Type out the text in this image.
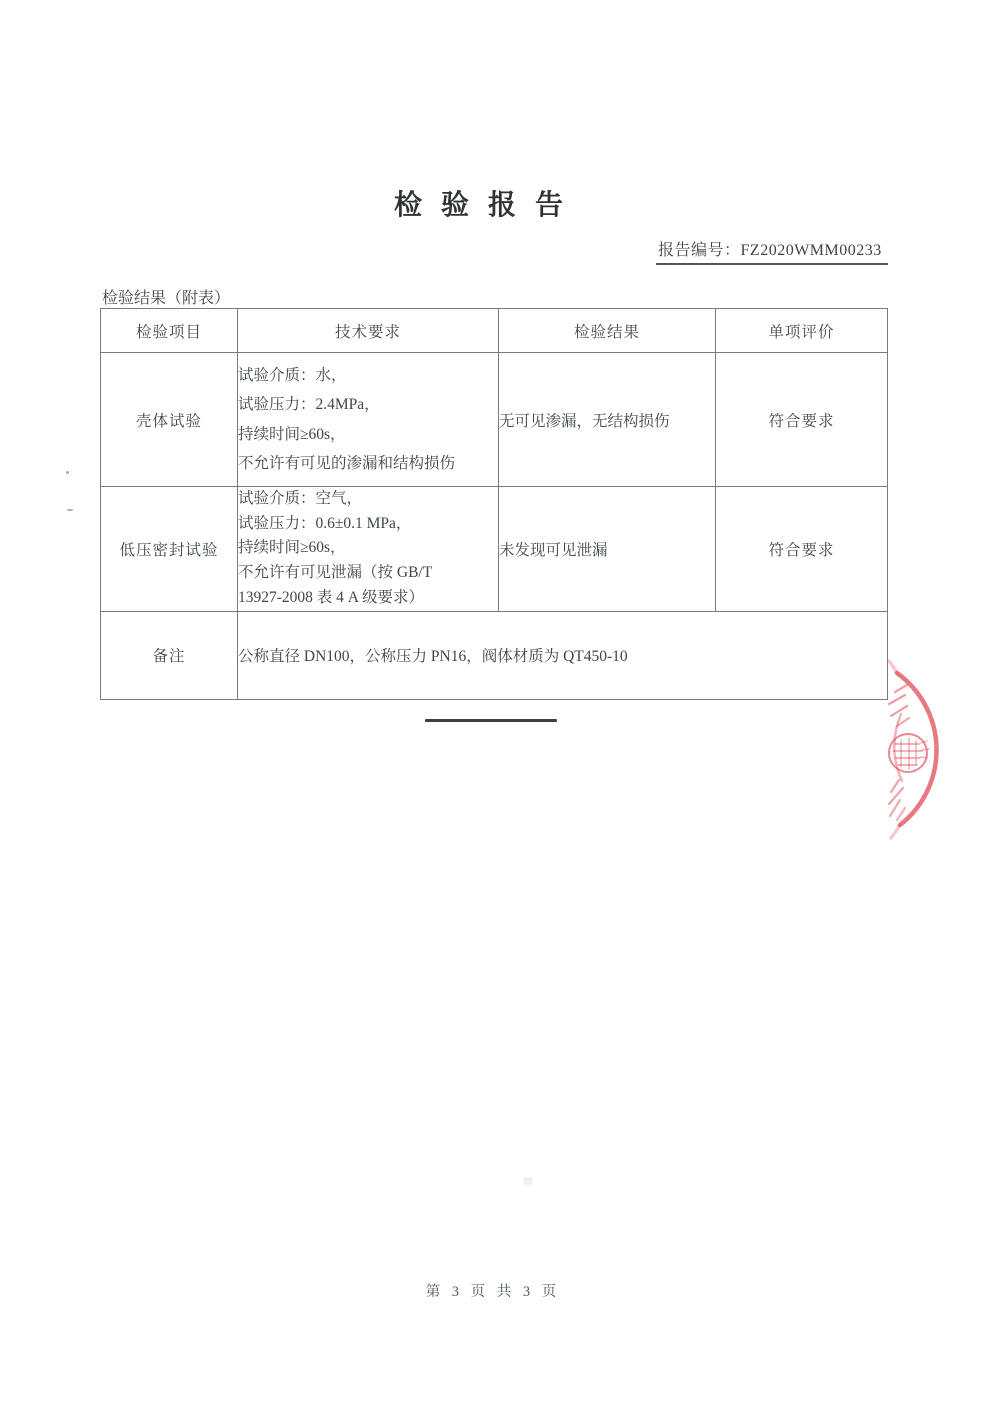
检 验 报 告
报告编号：FZ2020WMM00233
检验结果（附表）
检验项目	技术要求	检验结果	单项评价
壳体试验	试验介质：水，
试验压力：2.4MPa，
持续时间≥60s，
不允许有可见的渗漏和结构损伤	无可见渗漏，无结构损伤	符合要求
低压密封试验	试验介质：空气，
试验压力：0.6±0.1 MPa，
持续时间≥60s，
不允许有可见泄漏（按 GB/T
13927-2008 表 4 A 级要求）	未发现可见泄漏	符合要求
备注	公称直径 DN100，公称压力 PN16，阀体材质为 QT450-10		
第 3 页 共 3 页
